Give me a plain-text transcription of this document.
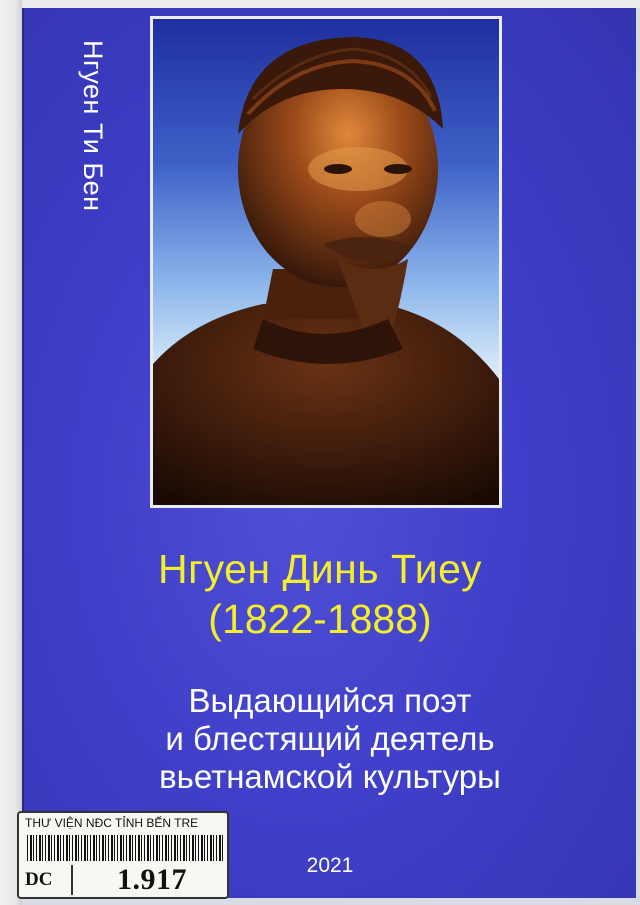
Нгуен Ти Бен
Нгуен Динь Тиеу
(1822-1888)
Выдающийся поэт
и блестящий деятель
вьетнамской культуры
2021
THƯ VIỆN NĐC TỈNH BẾN TRE
DC 1.917
